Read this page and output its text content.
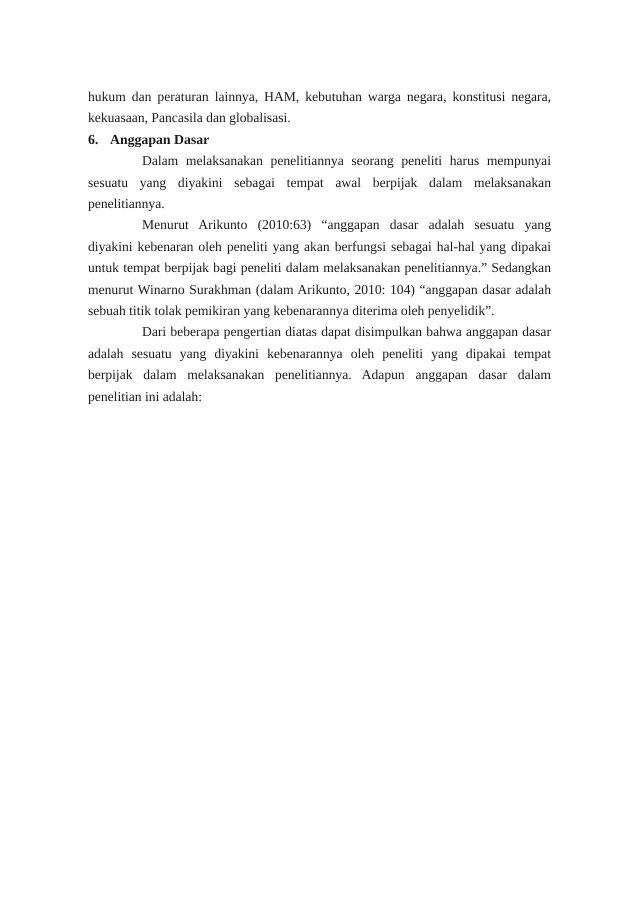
hukum dan peraturan lainnya, HAM, kebutuhan warga negara, konstitusi negara, kekuasaan, Pancasila dan globalisasi.

6. Anggapan Dasar

Dalam melaksanakan penelitiannya seorang peneliti harus mempunyai sesuatu yang diyakini sebagai tempat awal berpijak dalam melaksanakan penelitiannya.

Menurut Arikunto (2010:63) “anggapan dasar adalah sesuatu yang diyakini kebenaran oleh peneliti yang akan berfungsi sebagai hal-hal yang dipakai untuk tempat berpijak bagi peneliti dalam melaksanakan penelitiannya.” Sedangkan menurut Winarno Surakhman (dalam Arikunto, 2010: 104) “anggapan dasar adalah sebuah titik tolak pemikiran yang kebenarannya diterima oleh penyelidik”.

Dari beberapa pengertian diatas dapat disimpulkan bahwa anggapan dasar adalah sesuatu yang diyakini kebenarannya oleh peneliti yang dipakai tempat berpijak dalam melaksanakan penelitiannya. Adapun anggapan dasar dalam penelitian ini adalah:
